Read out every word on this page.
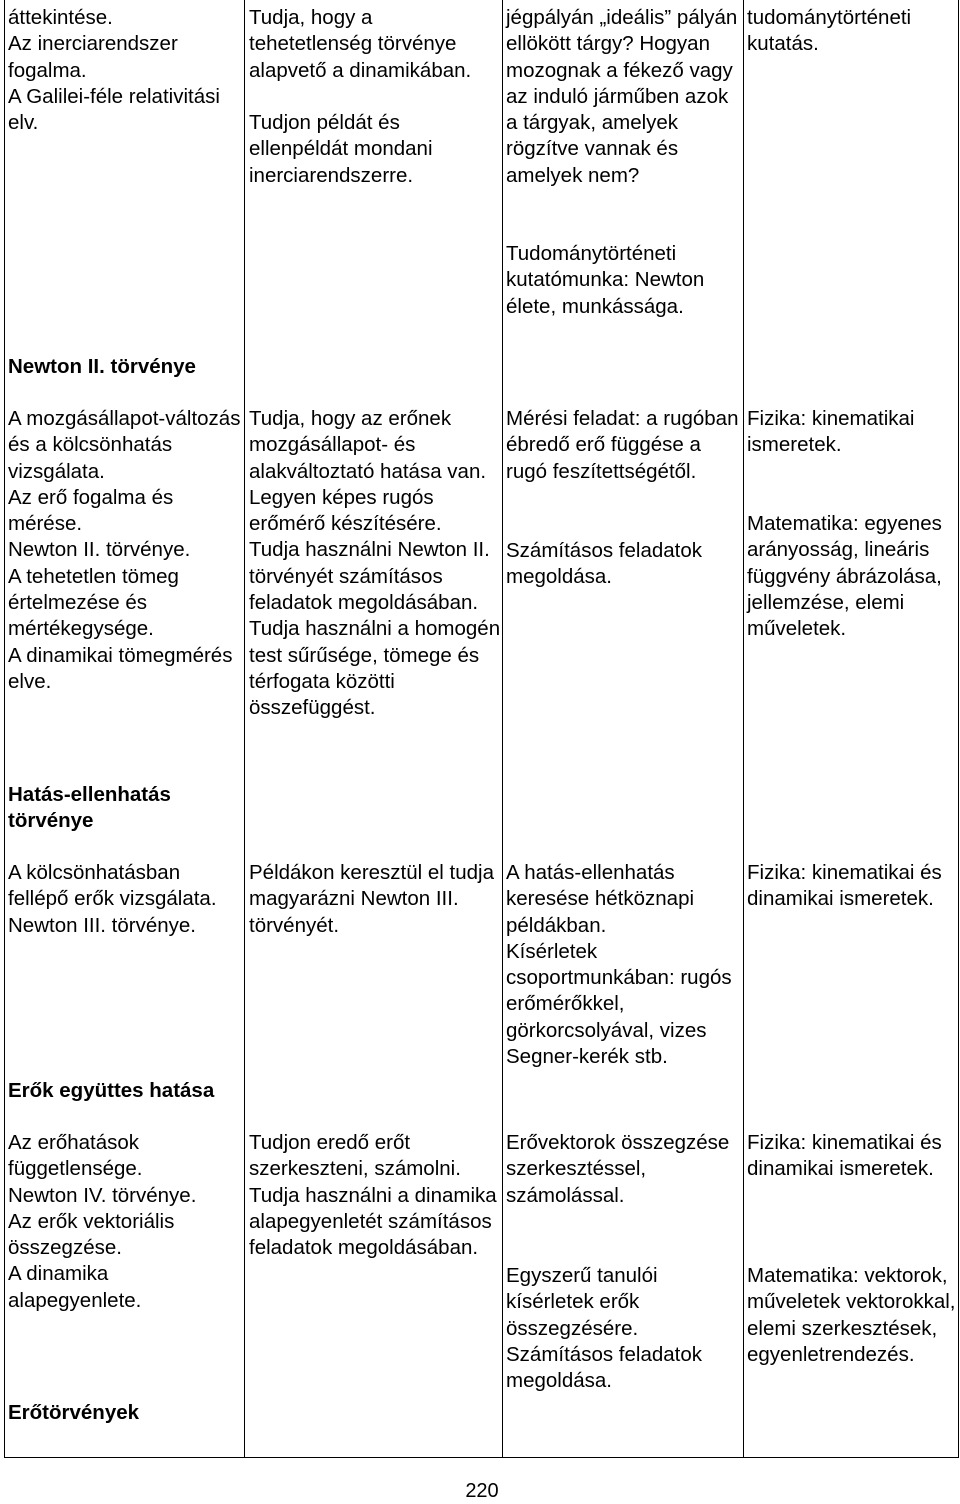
áttekintése.
Az inerciarendszer fogalma.
A Galilei-féle relativitási elv.
Tudja, hogy a tehetetlenség törvénye alapvető a dinamikában.
Tudjon példát és ellenpéldát mondani inerciarendszerre.
jégpályán „ideális” pályán ellökött tárgy? Hogyan mozognak a fékező vagy az induló járműben azok a tárgyak, amelyek rögzítve vannak és amelyek nem?
Tudománytörténeti kutatómunka: Newton élete, munkássága.
tudománytörténeti kutatás.
Newton II. törvénye
A mozgásállapot-változás és a kölcsönhatás vizsgálata.
Az erő fogalma és mérése.
Newton II. törvénye.
A tehetetlen tömeg értelmezése és mértékegysége.
A dinamikai tömegmérés elve.
Tudja, hogy az erőnek mozgásállapot- és alakváltoztató hatása van.
Legyen képes rugós erőmérő készítésére.
Tudja használni Newton II. törvényét számításos feladatok megoldásában.
Tudja használni a homogén test sűrűsége, tömege és térfogata közötti összefüggést.
Mérési feladat: a rugóban ébredő erő függése a rugó feszítettségétől.
Számításos feladatok megoldása.
Fizika: kinematikai ismeretek.
Matematika: egyenes arányosság, lineáris függvény ábrázolása, jellemzése, elemi műveletek.
Hatás-ellenhatás törvénye
A kölcsönhatásban fellépő erők vizsgálata.
Newton III. törvénye.
Példákon keresztül el tudja magyarázni Newton III. törvényét.
A hatás-ellenhatás keresése hétköznapi példákban.
Kísérletek csoportmunkában: rugós erőmérőkkel, görkorcsolyával, vizes Segner-kerék stb.
Fizika: kinematikai és dinamikai ismeretek.
Erők együttes hatása
Az erőhatások függetlensége.
Newton IV. törvénye.
Az erők vektoriális összegzése.
A dinamika alapegyenlete.
Tudjon eredő erőt szerkeszteni, számolni.
Tudja használni a dinamika alapegyenletét számításos feladatok megoldásában.
Erővektorok összegzése szerkesztéssel, számolással.
Egyszerű tanulói kísérletek erők összegzésére.
Számításos feladatok megoldása.
Fizika: kinematikai és dinamikai ismeretek.
Matematika: vektorok, műveletek vektorokkal, elemi szerkesztések, egyenletrendezés.
Erőtörvények
220
